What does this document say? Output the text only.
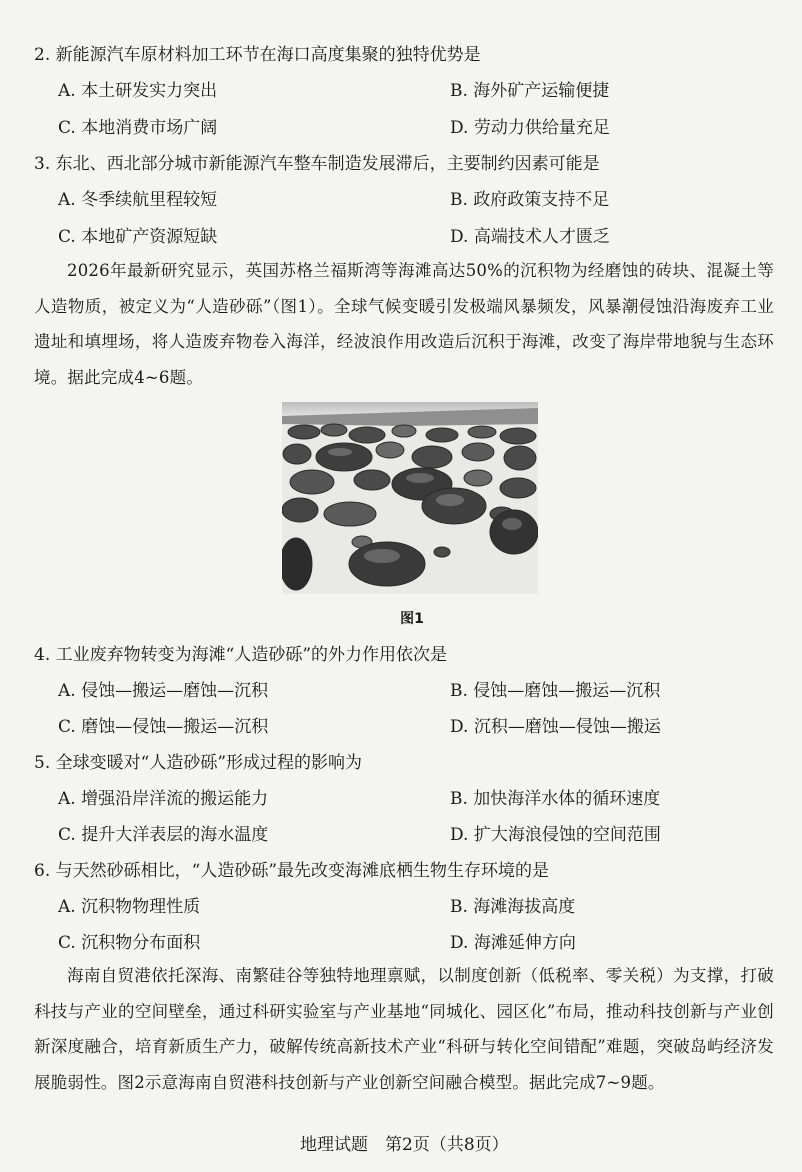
2. 新能源汽车原材料加工环节在海口高度集聚的独特优势是
A. 本土研发实力突出	B. 海外矿产运输便捷
C. 本地消费市场广阔	D. 劳动力供给量充足
3. 东北、西北部分城市新能源汽车整车制造发展滞后，主要制约因素可能是
A. 冬季续航里程较短	B. 政府政策支持不足
C. 本地矿产资源短缺	D. 高端技术人才匮乏
2026年最新研究显示，英国苏格兰福斯湾等海滩高达50%的沉积物为经磨蚀的砖块、混凝土等人造物质，被定义为“人造砂砾”（图1）。全球气候变暖引发极端风暴频发，风暴潮侵蚀沿海废弃工业遗址和填埋场，将人造废弃物卷入海洋，经波浪作用改造后沉积于海滩，改变了海岸带地貌与生态环境。据此完成4~6题。
图1
4. 工业废弃物转变为海滩“人造砂砾”的外力作用依次是
A. 侵蚀—搬运—磨蚀—沉积	B. 侵蚀—磨蚀—搬运—沉积
C. 磨蚀—侵蚀—搬运—沉积	D. 沉积—磨蚀—侵蚀—搬运
5. 全球变暖对“人造砂砾”形成过程的影响为
A. 增强沿岸洋流的搬运能力	B. 加快海洋水体的循环速度
C. 提升大洋表层的海水温度	D. 扩大海浪侵蚀的空间范围
6. 与天然砂砾相比，“人造砂砾”最先改变海滩底栖生物生存环境的是
A. 沉积物物理性质	B. 海滩海拔高度
C. 沉积物分布面积	D. 海滩延伸方向
海南自贸港依托深海、南繁硅谷等独特地理禀赋，以制度创新（低税率、零关税）为支撑，打破科技与产业的空间壁垒，通过科研实验室与产业基地“同城化、园区化”布局，推动科技创新与产业创新深度融合，培育新质生产力，破解传统高新技术产业“科研与转化空间错配”难题，突破岛屿经济发展脆弱性。图2示意海南自贸港科技创新与产业创新空间融合模型。据此完成7~9题。
地理试题　第2页（共8页）
